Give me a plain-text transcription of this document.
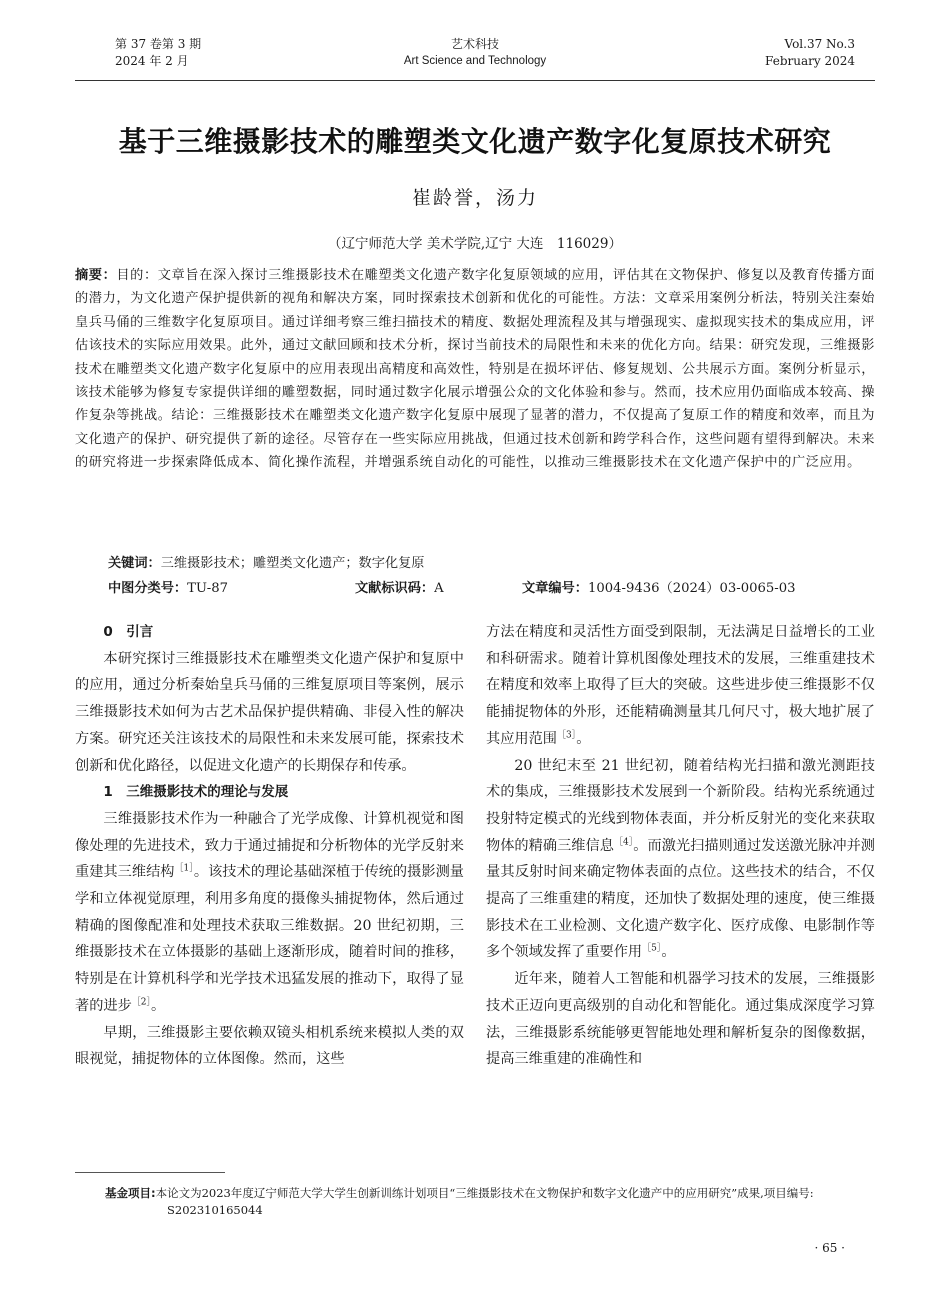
第 37 卷第 3 期
2024 年 2 月
艺术科技
Art Science and Technology
Vol.37 No.3
February 2024
基于三维摄影技术的雕塑类文化遗产数字化复原技术研究
崔龄誉，汤力
（辽宁师范大学 美术学院,辽宁 大连　116029）
摘要：目的：文章旨在深入探讨三维摄影技术在雕塑类文化遗产数字化复原领域的应用，评估其在文物保护、修复以及教育传播方面的潜力，为文化遗产保护提供新的视角和解决方案，同时探索技术创新和优化的可能性。方法：文章采用案例分析法，特别关注秦始皇兵马俑的三维数字化复原项目。通过详细考察三维扫描技术的精度、数据处理流程及其与增强现实、虚拟现实技术的集成应用，评估该技术的实际应用效果。此外，通过文献回顾和技术分析，探讨当前技术的局限性和未来的优化方向。结果：研究发现，三维摄影技术在雕塑类文化遗产数字化复原中的应用表现出高精度和高效性，特别是在损坏评估、修复规划、公共展示方面。案例分析显示，该技术能够为修复专家提供详细的雕塑数据，同时通过数字化展示增强公众的文化体验和参与。然而，技术应用仍面临成本较高、操作复杂等挑战。结论：三维摄影技术在雕塑类文化遗产数字化复原中展现了显著的潜力，不仅提高了复原工作的精度和效率，而且为文化遗产的保护、研究提供了新的途径。尽管存在一些实际应用挑战，但通过技术创新和跨学科合作，这些问题有望得到解决。未来的研究将进一步探索降低成本、简化操作流程，并增强系统自动化的可能性，以推动三维摄影技术在文化遗产保护中的广泛应用。
关键词：三维摄影技术；雕塑类文化遗产；数字化复原
中图分类号：TU-87	文献标识码：A	文章编号：1004-9436（2024）03-0065-03
0　引言

本研究探讨三维摄影技术在雕塑类文化遗产保护和复原中的应用，通过分析秦始皇兵马俑的三维复原项目等案例，展示三维摄影技术如何为古艺术品保护提供精确、非侵入性的解决方案。研究还关注该技术的局限性和未来发展可能，探索技术创新和优化路径，以促进文化遗产的长期保存和传承。

1　三维摄影技术的理论与发展

三维摄影技术作为一种融合了光学成像、计算机视觉和图像处理的先进技术，致力于通过捕捉和分析物体的光学反射来重建其三维结构$^{[1]}$。该技术的理论基础深植于传统的摄影测量学和立体视觉原理，利用多角度的摄像头捕捉物体，然后通过精确的图像配准和处理技术获取三维数据。20 世纪初期，三维摄影技术在立体摄影的基础上逐渐形成，随着时间的推移，特别是在计算机科学和光学技术迅猛发展的推动下，取得了显著的进步$^{[2]}$。

早期，三维摄影主要依赖双镜头相机系统来模拟人类的双眼视觉，捕捉物体的立体图像。然而，这些

方法在精度和灵活性方面受到限制，无法满足日益增长的工业和科研需求。随着计算机图像处理技术的发展，三维重建技术在精度和效率上取得了巨大的突破。这些进步使三维摄影不仅能捕捉物体的外形，还能精确测量其几何尺寸，极大地扩展了其应用范围$^{[3]}$。

20 世纪末至 21 世纪初，随着结构光扫描和激光测距技术的集成，三维摄影技术发展到一个新阶段。结构光系统通过投射特定模式的光线到物体表面，并分析反射光的变化来获取物体的精确三维信息$^{[4]}$。而激光扫描则通过发送激光脉冲并测量其反射时间来确定物体表面的点位。这些技术的结合，不仅提高了三维重建的精度，还加快了数据处理的速度，使三维摄影技术在工业检测、文化遗产数字化、医疗成像、电影制作等多个领域发挥了重要作用$^{[5]}$。

近年来，随着人工智能和机器学习技术的发展，三维摄影技术正迈向更高级别的自动化和智能化。通过集成深度学习算法，三维摄影系统能够更智能地处理和解析复杂的图像数据，提高三维重建的准确性和

基金项目:本论文为2023年度辽宁师范大学大学生创新训练计划项目“三维摄影技术在文物保护和数字文化遗产中的应用研究”成果,项目编号: S202310165044
· 65 ·
